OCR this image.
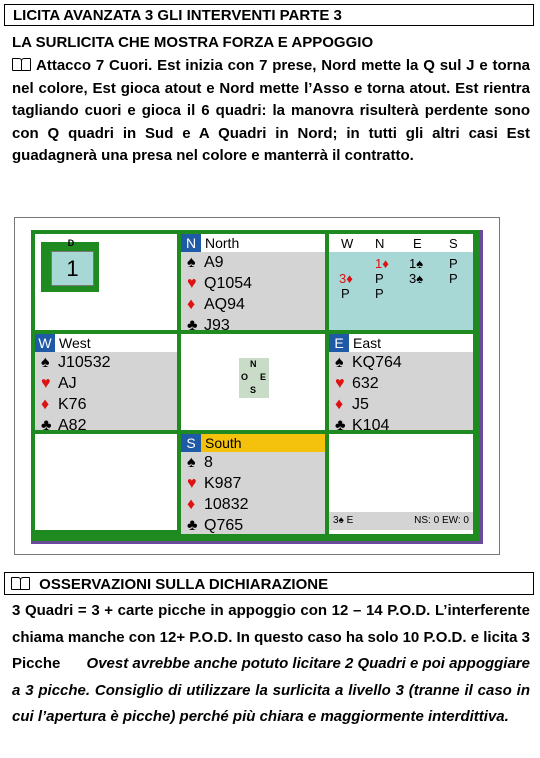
LICITA AVANZATA 3 GLI INTERVENTI PARTE 3
LA SURLICITA CHE MOSTRA FORZA E APPOGGIO
Attacco 7 Cuori. Est inizia con 7 prese, Nord mette la Q sul J e torna nel colore, Est gioca atout e Nord mette l’Asso e torna atout. Est rientra tagliando cuori e gioca il 6 quadri: la manovra risulterà perdente sono con Q quadri in Sud e A Quadri in Nord; in tutti gli altri casi Est guadagnerà una presa nel colore e manterrà il contratto.
D
1
N North
♠ A9
♥ Q1054
♦ AQ94
♣ J93
W N E S
1♦ 1♠ P
3♦ P 3♠ P
P P
W West
♠ J10532
♥ AJ
♦ K76
♣ A82
N
O E
S
E East
♠ KQ764
♥ 632
♦ J5
♣ K104
S South
♠ 8
♥ K987
♦ 10832
♣ Q765	3♠ E	NS: 0 EW: 0
OSSERVAZIONI SULLA DICHIARAZIONE
3 Quadri = 3 + carte picche in appoggio con 12 – 14 P.O.D. L’interferente chiama manche con 12+ P.O.D. In questo caso ha solo 10 P.O.D. e licita 3 Picche Ovest avrebbe anche potuto licitare 2 Quadri e poi appoggiare a 3 picche. Consiglio di utilizzare la surlicita a livello 3 (tranne il caso in cui l’apertura è picche) perché più chiara e maggiormente interdittiva.
